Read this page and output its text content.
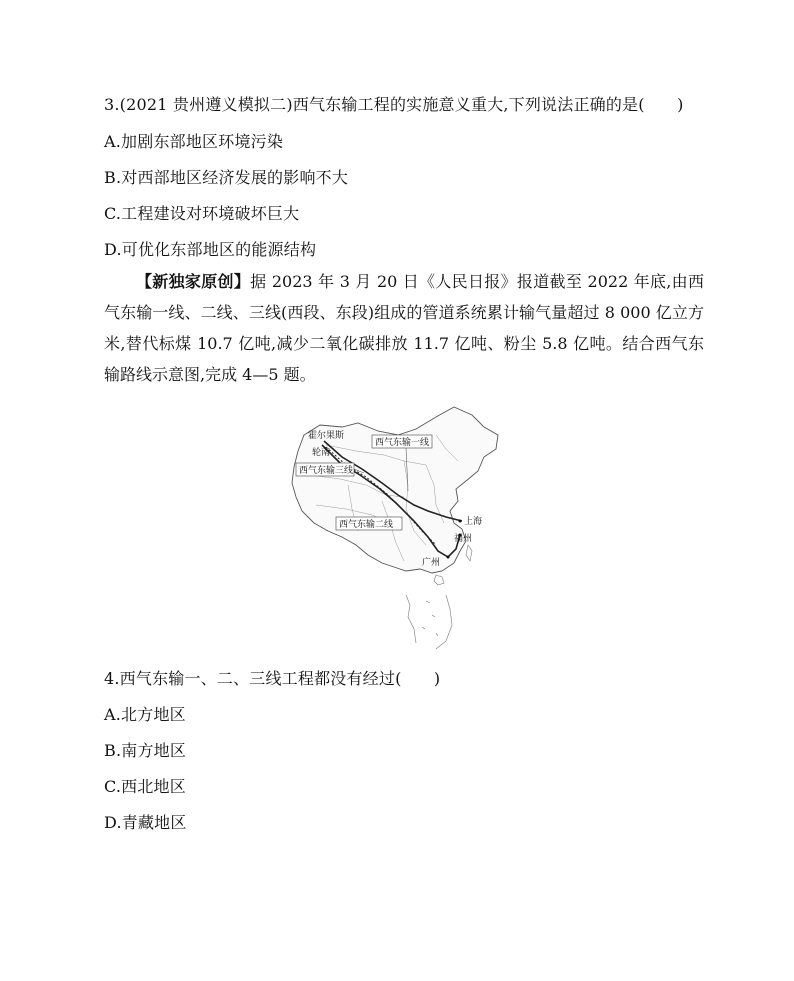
3.(2021 贵州遵义模拟二)西气东输工程的实施意义重大,下列说法正确的是(　　)
A.加剧东部地区环境污染
B.对西部地区经济发展的影响不大
C.工程建设对环境破坏巨大
D.可优化东部地区的能源结构
【新独家原创】据 2023 年 3 月 20 日《人民日报》报道截至 2022 年底,由西气东输一线、二线、三线(西段、东段)组成的管道系统累计输气量超过 8 000 亿立方米,替代标煤 10.7 亿吨,减少二氧化碳排放 11.7 亿吨、粉尘 5.8 亿吨。结合西气东输路线示意图,完成 4—5 题。
霍尔果斯
轮南
西气东输一线
西气东输三线
西气东输二线	上海
福州
广州
4.西气东输一、二、三线工程都没有经过(　　)
A.北方地区
B.南方地区
C.西北地区
D.青藏地区
